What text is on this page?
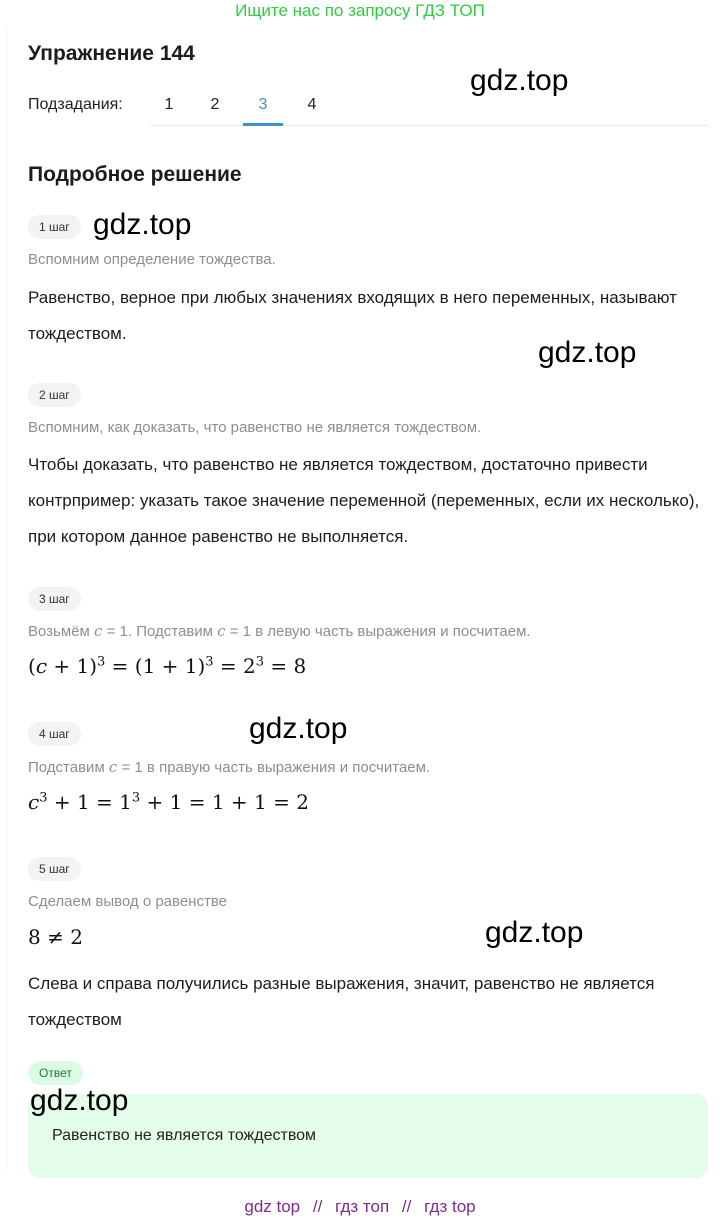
Ищите нас по запросу ГДЗ ТОП
Упражнение 144
Подзадания:	1	2	3	4
Подробное решение
1 шаг
Вспомним определение тождества.
Равенство, верное при любых значениях входящих в него переменных, называют тождеством.
2 шаг
Вспомним, как доказать, что равенство не является тождеством.
Чтобы доказать, что равенство не является тождеством, достаточно привести контрпример: указать такое значение переменной (переменных, если их несколько), при котором данное равенство не выполняется.
3 шаг
Возьмём c = 1. Подставим c = 1 в левую часть выражения и посчитаем.
$(c + 1)^3 = (1 + 1)^3 = 2^3 = 8$
4 шаг
Подставим c = 1 в правую часть выражения и посчитаем.
$c^3 + 1 = 1^3 + 1 = 1 + 1 = 2$
5 шаг
Сделаем вывод о равенстве
8 ≠ 2
Слева и справа получились разные выражения, значит, равенство не является тождеством
Ответ
Равенство не является тождеством
gdz.top
gdz.top
gdz.top
gdz.top
gdz.top
gdz.top
gdz top // гдз топ // гдз top
